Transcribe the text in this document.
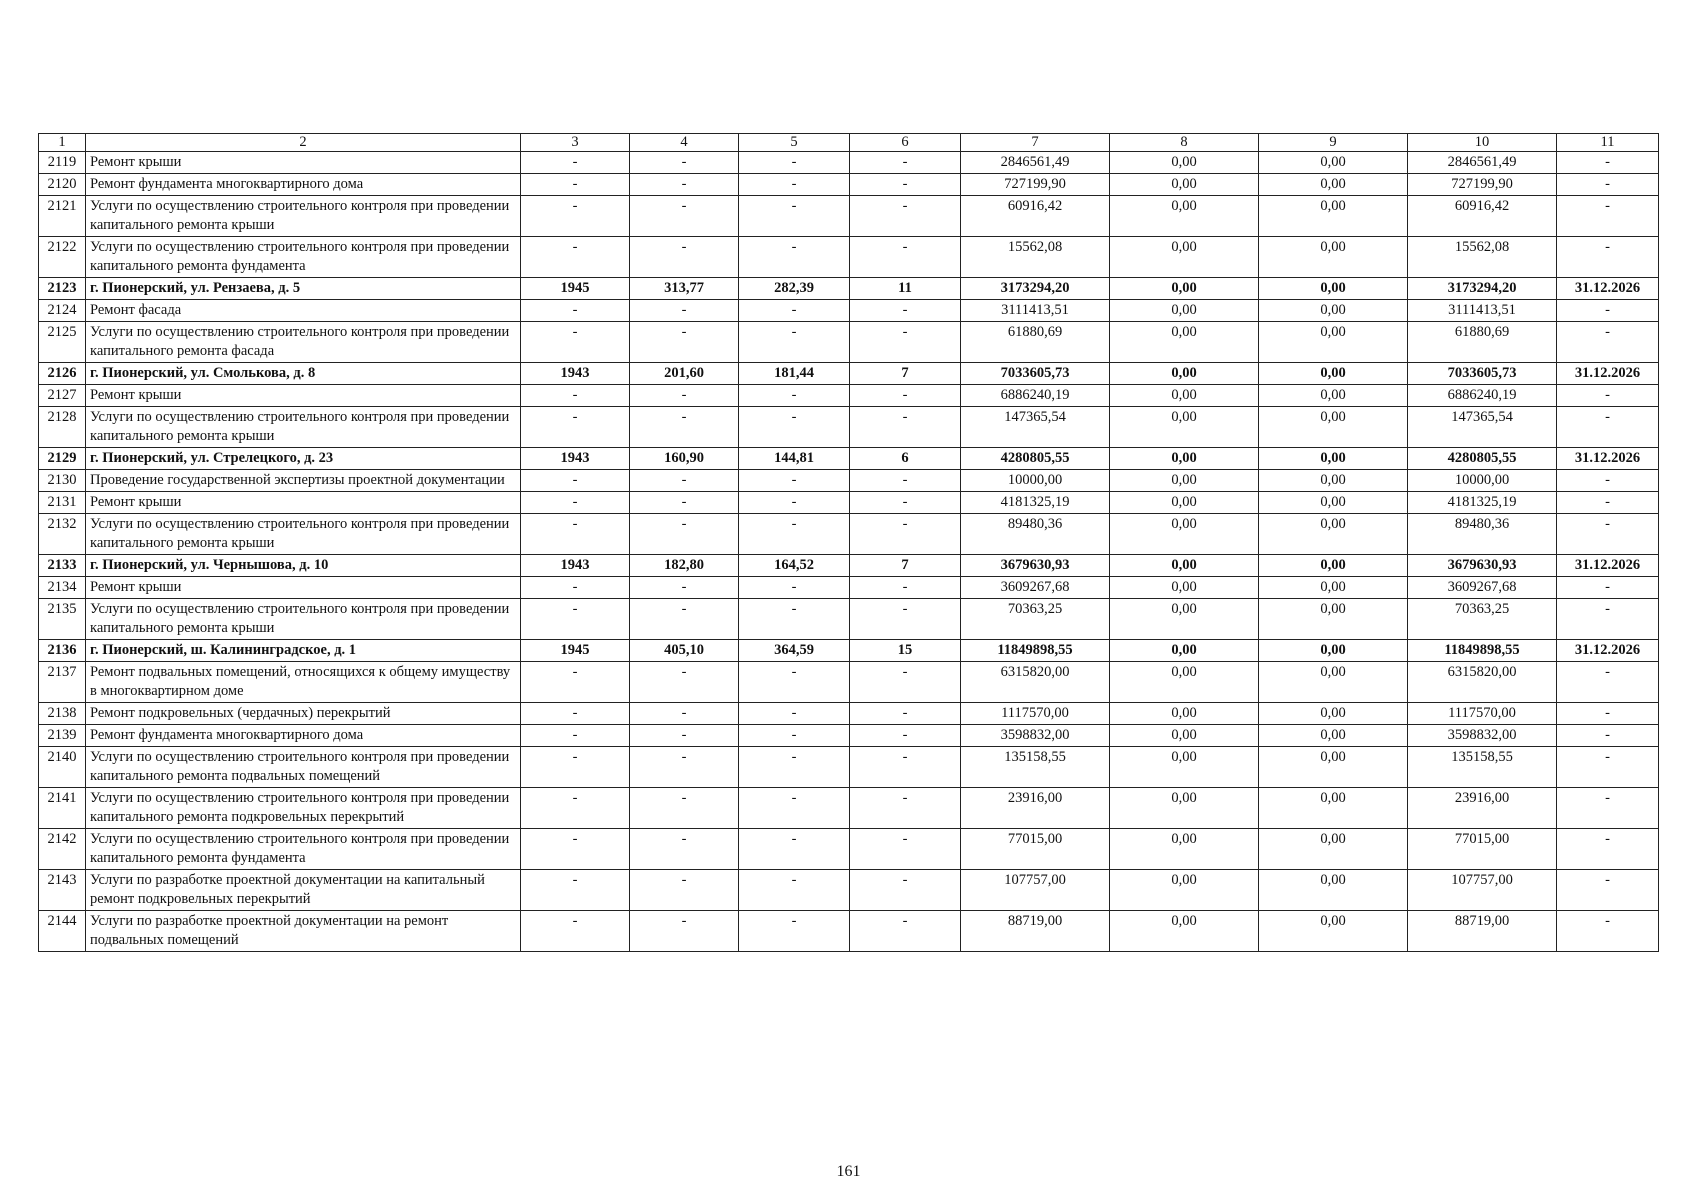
1	2	3	4	5	6	7	8	9	10	11
2119	Ремонт крыши	-	-	-	-	2846561,49	0,00	0,00	2846561,49	-
2120	Ремонт фундамента многоквартирного дома	-	-	-	-	727199,90	0,00	0,00	727199,90	-
2121	Услуги по осуществлению строительного контроля при проведении капитального ремонта крыши	-	-	-	-	60916,42	0,00	0,00	60916,42	-
2122	Услуги по осуществлению строительного контроля при проведении капитального ремонта фундамента	-	-	-	-	15562,08	0,00	0,00	15562,08	-
2123	г. Пионерский, ул. Рензаева, д. 5	1945	313,77	282,39	11	3173294,20	0,00	0,00	3173294,20	31.12.2026
2124	Ремонт фасада	-	-	-	-	3111413,51	0,00	0,00	3111413,51	-
2125	Услуги по осуществлению строительного контроля при проведении капитального ремонта фасада	-	-	-	-	61880,69	0,00	0,00	61880,69	-
2126	г. Пионерский, ул. Смолькова, д. 8	1943	201,60	181,44	7	7033605,73	0,00	0,00	7033605,73	31.12.2026
2127	Ремонт крыши	-	-	-	-	6886240,19	0,00	0,00	6886240,19	-
2128	Услуги по осуществлению строительного контроля при проведении капитального ремонта крыши	-	-	-	-	147365,54	0,00	0,00	147365,54	-
2129	г. Пионерский, ул. Стрелецкого, д. 23	1943	160,90	144,81	6	4280805,55	0,00	0,00	4280805,55	31.12.2026
2130	Проведение государственной экспертизы проектной документации	-	-	-	-	10000,00	0,00	0,00	10000,00	-
2131	Ремонт крыши	-	-	-	-	4181325,19	0,00	0,00	4181325,19	-
2132	Услуги по осуществлению строительного контроля при проведении капитального ремонта крыши	-	-	-	-	89480,36	0,00	0,00	89480,36	-
2133	г. Пионерский, ул. Чернышова, д. 10	1943	182,80	164,52	7	3679630,93	0,00	0,00	3679630,93	31.12.2026
2134	Ремонт крыши	-	-	-	-	3609267,68	0,00	0,00	3609267,68	-
2135	Услуги по осуществлению строительного контроля при проведении капитального ремонта крыши	-	-	-	-	70363,25	0,00	0,00	70363,25	-
2136	г. Пионерский, ш. Калининградское, д. 1	1945	405,10	364,59	15	11849898,55	0,00	0,00	11849898,55	31.12.2026
2137	Ремонт подвальных помещений, относящихся к общему имуществу в многоквартирном доме	-	-	-	-	6315820,00	0,00	0,00	6315820,00	-
2138	Ремонт подкровельных (чердачных) перекрытий	-	-	-	-	1117570,00	0,00	0,00	1117570,00	-
2139	Ремонт фундамента многоквартирного дома	-	-	-	-	3598832,00	0,00	0,00	3598832,00	-
2140	Услуги по осуществлению строительного контроля при проведении капитального ремонта подвальных помещений	-	-	-	-	135158,55	0,00	0,00	135158,55	-
2141	Услуги по осуществлению строительного контроля при проведении капитального ремонта подкровельных перекрытий	-	-	-	-	23916,00	0,00	0,00	23916,00	-
2142	Услуги по осуществлению строительного контроля при проведении капитального ремонта фундамента	-	-	-	-	77015,00	0,00	0,00	77015,00	-
2143	Услуги по разработке проектной документации на капитальный ремонт подкровельных перекрытий	-	-	-	-	107757,00	0,00	0,00	107757,00	-
2144	Услуги по разработке проектной документации на ремонт подвальных помещений	-	-	-	-	88719,00	0,00	0,00	88719,00	-
161
